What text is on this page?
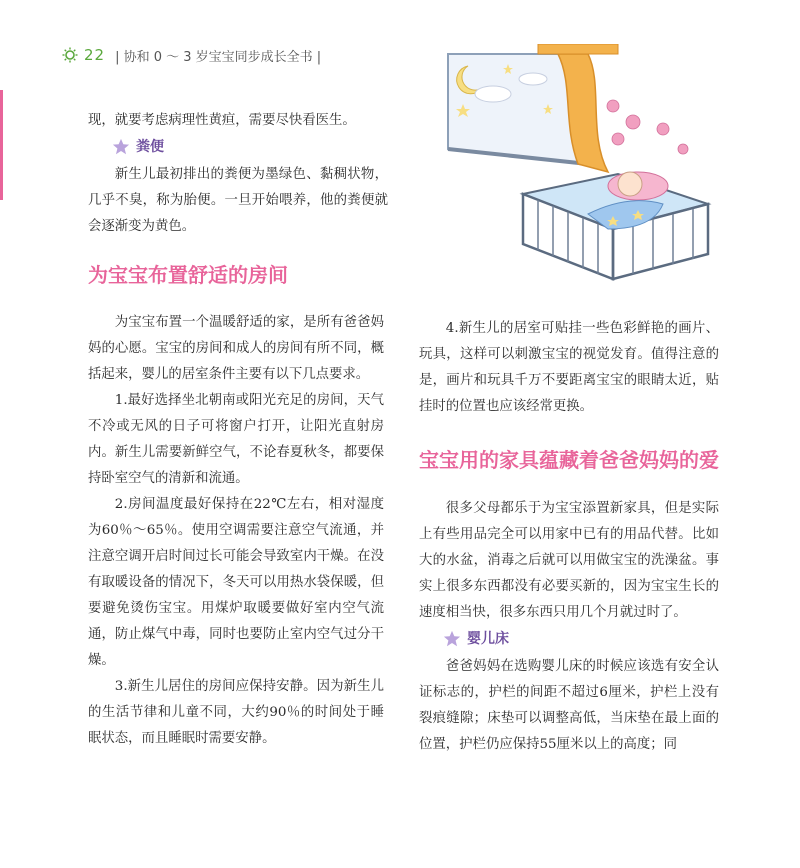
22 | 协和 0 ～ 3 岁宝宝同步成长全书 |

现，就要考虑病理性黄疸，需要尽快看医生。

粪便

新生儿最初排出的粪便为墨绿色、黏稠状物，几乎不臭，称为胎便。一旦开始喂养，他的粪便就会逐渐变为黄色。

为宝宝布置舒适的房间

为宝宝布置一个温暖舒适的家，是所有爸爸妈妈的心愿。宝宝的房间和成人的房间有所不同，概括起来，婴儿的居室条件主要有以下几点要求。

1.最好选择坐北朝南或阳光充足的房间，天气不冷或无风的日子可将窗户打开，让阳光直射房内。新生儿需要新鲜空气，不论春夏秋冬，都要保持卧室空气的清新和流通。

2.房间温度最好保持在22℃左右，相对湿度为60％～65％。使用空调需要注意空气流通，并注意空调开启时间过长可能会导致室内干燥。在没有取暖设备的情况下，冬天可以用热水袋保暖，但要避免烫伤宝宝。用煤炉取暖要做好室内空气流通，防止煤气中毒，同时也要防止室内空气过分干燥。

3.新生儿居住的房间应保持安静。因为新生儿的生活节律和儿童不同，大约90％的时间处于睡眠状态，而且睡眠时需要安静。

4.新生儿的居室可贴挂一些色彩鲜艳的画片、玩具，这样可以刺激宝宝的视觉发育。值得注意的是，画片和玩具千万不要距离宝宝的眼睛太近，贴挂时的位置也应该经常更换。

宝宝用的家具蕴藏着爸爸妈妈的爱

很多父母都乐于为宝宝添置新家具，但是实际上有些用品完全可以用家中已有的用品代替。比如大的水盆，消毒之后就可以用做宝宝的洗澡盆。事实上很多东西都没有必要买新的，因为宝宝生长的速度相当快，很多东西只用几个月就过时了。

婴儿床

爸爸妈妈在选购婴儿床的时候应该选有安全认证标志的，护栏的间距不超过6厘米，护栏上没有裂痕缝隙；床垫可以调整高低，当床垫在最上面的位置，护栏仍应保持55厘米以上的高度；同
